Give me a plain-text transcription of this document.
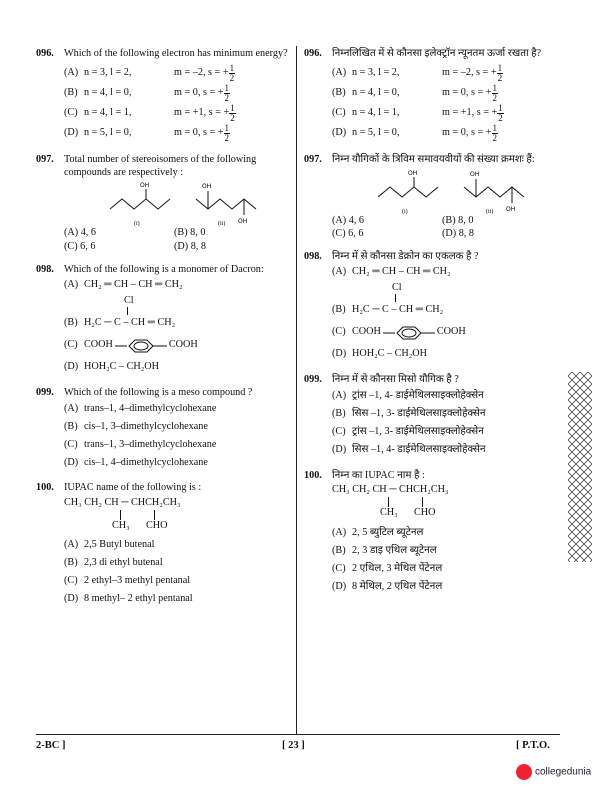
096. Which of the following electron has minimum energy?
(A) n = 3, l = 2,	m = –2, s = + $\frac{1}{2}$
(B) n = 4, l = 0,	m = 0, s = + $\frac{1}{2}$
(C) n = 4, l = 1,	m = +1, s = + $\frac{1}{2}$
(D) n = 5, l = 0,	m = 0, s = + $\frac{1}{2}$
097. Total number of stereoisomers of the following compounds are respectively :
OH
(i)
OH
OH
(ii)
(A) 4, 6	(B) 8, 0
(C) 6, 6	(D) 8, 8
098. Which of the following is a monomer of Dacron:
(A) CH₂ ═ CH – CH ═ CH₂
Cl
(B) H₂C ─ C – CH ═ CH₂
(C) COOH	COOH
(D) HOH₂C – CH₂OH
099. Which of the following is a meso compound ?
(A) trans–1, 4–dimethylcyclohexane
(B) cis–1, 3–dimethylcyclohexane
(C) trans–1, 3–dimethylcyclohexane
(D) cis–1, 4–dimethylcyclohexane
100. IUPAC name of the following is :
CH₃ CH₂ CH ─ CHCH₂CH₃
CH₃ CHO
(A) 2,5 Butyl butenal
(B) 2,3 di ethyl butenal
(C) 2 ethyl–3 methyl pentanal
(D) 8 methyl– 2 ethyl pentanal
096. निम्नलिखित में से कौनसा इलेक्ट्रॉन न्यूनतम ऊर्जा रखता है?
(A) n = 3, l = 2,	m = –2, s = + $\frac{1}{2}$
(B) n = 4, l = 0,	m = 0, s = + $\frac{1}{2}$
(C) n = 4, l = 1,	m = +1, s = + $\frac{1}{2}$
(D) n = 5, l = 0,	m = 0, s = + $\frac{1}{2}$
097. निम्न यौगिकों के त्रिविम समावयवीयों की संख्या क्रमशः हैं:
OH
(i)
OH
OH
(ii)
(A) 4, 6	(B) 8, 0
(C) 6, 6	(D) 8, 8
098. निम्न में से कौनसा डेक्रोन का एकलक है ?
(A) CH₂ ═ CH – CH ═ CH₂
Cl
(B) H₂C ─ C – CH ═ CH₂
(C) COOH	COOH
(D) HOH₂C – CH₂OH
099. निम्न में से कौनसा मिसो यौगिक है ?
(A) ट्रांस –1, 4- डाईमेथिलसाइक्लोहेक्सेन
(B) सिस –1, 3- डाईमेथिलसाइक्लोहेक्सेन
(C) ट्रांस –1, 3- डाईमेथिलसाइक्लोहेक्सेन
(D) सिस –1, 4- डाईमेथिलसाइक्लोहेक्सेन
100. निम्न का IUPAC नाम है :
CH₃ CH₂ CH ─ CHCH₂CH₃
CH₃ CHO
(A) 2, 5 ब्युटिल ब्यूटेनल
(B) 2, 3 डाइ एथिल ब्यूटेनल
(C) 2 एथिल, 3 मेथिल पेंटेनल
(D) 8 मेथिल, 2 एथिल पेंटेनल
2-BC ]	[ 23 ]	[ P.T.O.
collegedunia
